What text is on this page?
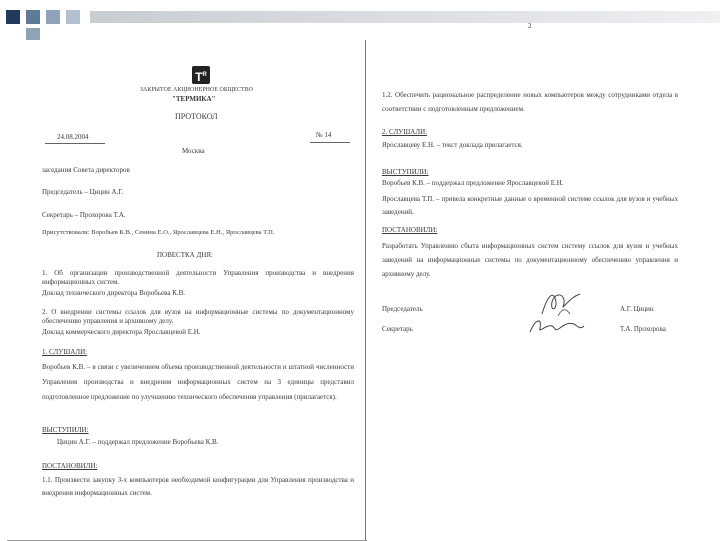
$T^R$
ЗАКРЫТОЕ АКЦИОНЕРНОЕ ОБЩЕСТВО
"ТЕРМИКА"
ПРОТОКОЛ
24.08.2004	№ 14
Москва
заседания Совета директоров
Председатель – Цицин А.Г.
Секретарь – Прохорова Т.А.
Присутствовали: Воробьев К.В., Сенина Е.О., Ярославцева Е.Н., Ярославцева Т.П.
ПОВЕСТКА ДНЯ:
1. Об организации производственной деятельности Управления производства и внедрения информационных систем.
Доклад технического директора Воробьева К.В.
2. О внедрении системы ссылок для вузов на информационные системы по документационному обеспечению управления и архивному делу.
Доклад коммерческого директора Ярославцевой Е.Н.
1. СЛУШАЛИ:
Воробьев К.В. – в связи с увеличением объема производственной деятельности и штатной численности Управления производства и внедрения информационных систем на 3 единицы представил подготовленное предложение по улучшению технического обеспечения управления (прилагается).
ВЫСТУПИЛИ:
Цицин А.Г. – поддержал предложение Воробьева К.В.
ПОСТАНОВИЛИ:
1.1. Произвести закупку 3-х компьютеров необходимой конфигурации для Управления производства и внедрения информационных систем.
2
1.2. Обеспечить рациональное распределение новых компьютеров между сотрудниками отдела в соответствии с подготовленным предложением.
2. СЛУШАЛИ:
Ярославцеву Е.Н. – текст доклада прилагается.
ВЫСТУПИЛИ:
Воробьев К.В. – поддержал предложение Ярославцевой Е.Н.
Ярославцева Т.П. – привела конкретные данные о временной системе ссылок для вузов и учебных заведений.
ПОСТАНОВИЛИ:
Разработать Управлению сбыта информационных систем систему ссылок для вузов и учебных заведений на информационные системы по документационному обеспечению управления и архивному делу.
Председатель	А.Г. Цицин
Секретарь	Т.А. Прохорова
